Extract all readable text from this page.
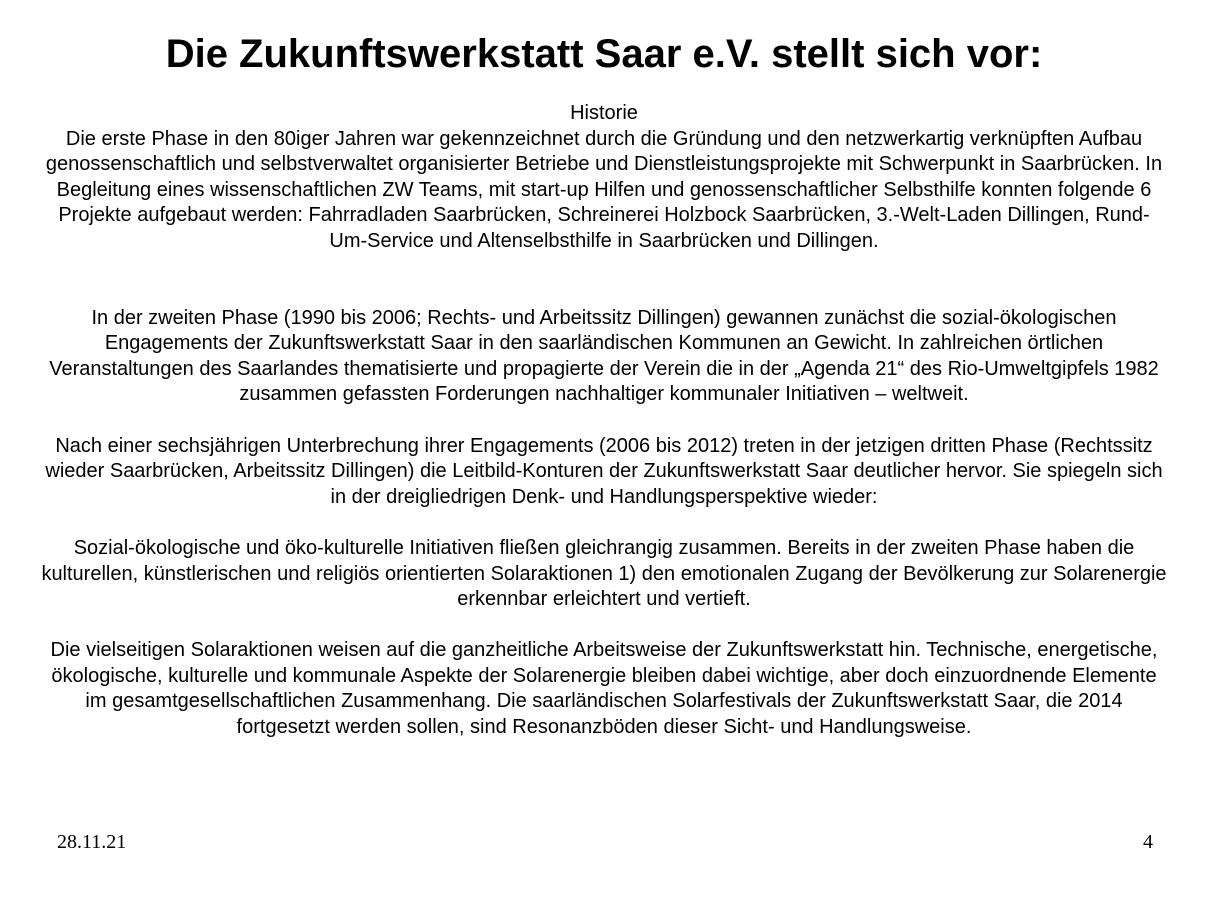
Die Zukunftswerkstatt Saar e.V. stellt sich vor:

Historie

Die erste Phase in den 80iger Jahren war gekennzeichnet durch die Gründung und den netzwerkartig verknüpften Aufbau genossenschaftlich und selbstverwaltet organisierter Betriebe und Dienstleistungsprojekte mit Schwerpunkt in Saarbrücken. In Begleitung eines wissenschaftlichen ZW Teams, mit start-up Hilfen und genossenschaftlicher Selbsthilfe konnten folgende 6 Projekte aufgebaut werden: Fahrradladen Saarbrücken, Schreinerei Holzbock Saarbrücken, 3.-Welt-Laden Dillingen, Rund-Um-Service und Altenselbsthilfe in Saarbrücken und Dillingen.

In der zweiten Phase (1990 bis 2006; Rechts- und Arbeitssitz Dillingen) gewannen zunächst die sozial-ökologischen Engagements der Zukunftswerkstatt Saar in den saarländischen Kommunen an Gewicht. In zahlreichen örtlichen Veranstaltungen des Saarlandes thematisierte und propagierte der Verein die in der „Agenda 21“ des Rio-Umweltgipfels 1982 zusammen gefassten Forderungen nachhaltiger kommunaler Initiativen – weltweit.

Nach einer sechsjährigen Unterbrechung ihrer Engagements (2006 bis 2012) treten in der jetzigen dritten Phase (Rechtssitz wieder Saarbrücken, Arbeitssitz Dillingen) die Leitbild-Konturen der Zukunftswerkstatt Saar deutlicher hervor. Sie spiegeln sich in der dreigliedrigen Denk- und Handlungsperspektive wieder:

Sozial-ökologische und öko-kulturelle Initiativen fließen gleichrangig zusammen. Bereits in der zweiten Phase haben die kulturellen, künstlerischen und religiös orientierten Solaraktionen 1) den emotionalen Zugang der Bevölkerung zur Solarenergie erkennbar erleichtert und vertieft.

Die vielseitigen Solaraktionen weisen auf die ganzheitliche Arbeitsweise der Zukunftswerkstatt hin. Technische, energetische, ökologische, kulturelle und kommunale Aspekte der Solarenergie bleiben dabei wichtige, aber doch einzuordnende Elemente im gesamtgesellschaftlichen Zusammenhang. Die saarländischen Solarfestivals der Zukunftswerkstatt Saar, die 2014 fortgesetzt werden sollen, sind Resonanzböden dieser Sicht- und Handlungsweise.

28.11.21	4
